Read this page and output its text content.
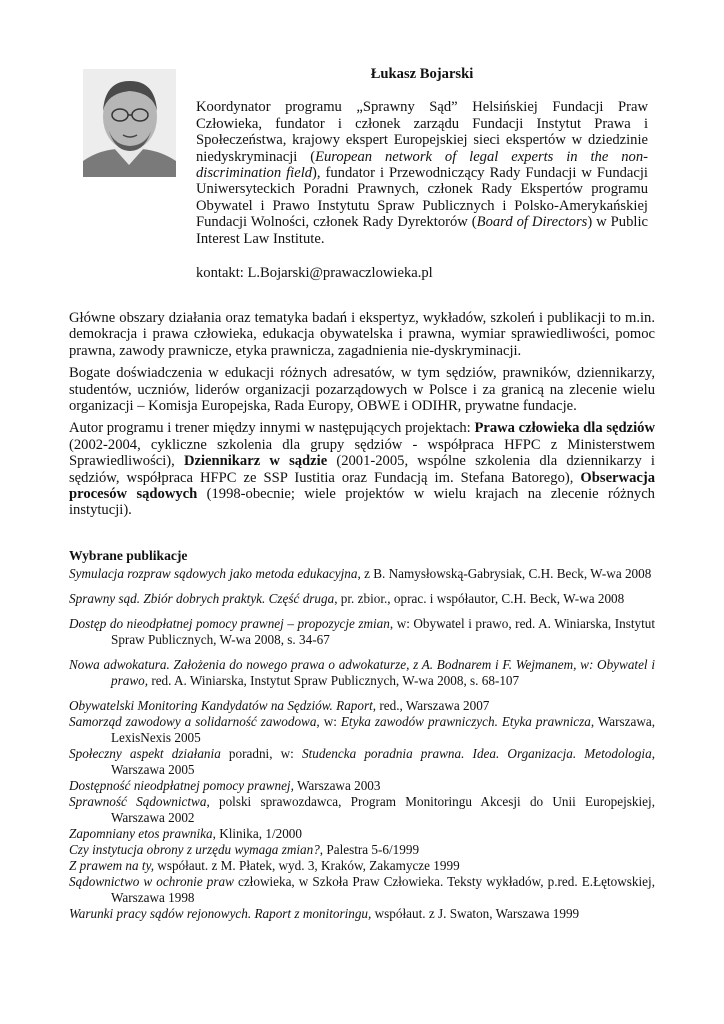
Łukasz Bojarski
Koordynator programu „Sprawny Sąd” Helsińskiej Fundacji Praw Człowieka, fundator i członek zarządu Fundacji Instytut Prawa i Społeczeństwa, krajowy ekspert Europejskiej sieci ekspertów w dziedzinie niedyskryminacji (European network of legal experts in the non-discrimination field), fundator i Przewodniczący Rady Fundacji w Fundacji Uniwersyteckich Poradni Prawnych, członek Rady Ekspertów programu Obywatel i Prawo Instytutu Spraw Publicznych i Polsko-Amerykańskiej Fundacji Wolności, członek Rady Dyrektorów (Board of Directors) w Public Interest Law Institute.
kontakt: L.Bojarski@prawaczlowieka.pl

Główne obszary działania oraz tematyka badań i ekspertyz, wykładów, szkoleń i publikacji to m.in. demokracja i prawa człowieka, edukacja obywatelska i prawna, wymiar sprawiedliwości, pomoc prawna, zawody prawnicze, etyka prawnicza, zagadnienia nie-dyskryminacji.

Bogate doświadczenia w edukacji różnych adresatów, w tym sędziów, prawników, dziennikarzy, studentów, uczniów, liderów organizacji pozarządowych w Polsce i za granicą na zlecenie wielu organizacji – Komisja Europejska, Rada Europy, OBWE i ODIHR, prywatne fundacje.

Autor programu i trener między innymi w następujących projektach: Prawa człowieka dla sędziów (2002-2004, cykliczne szkolenia dla grupy sędziów - współpraca HFPC z Ministerstwem Sprawiedliwości), Dziennikarz w sądzie (2001-2005, wspólne szkolenia dla dziennikarzy i sędziów, współpraca HFPC ze SSP Iustitia oraz Fundacją im. Stefana Batorego), Obserwacja procesów sądowych (1998-obecnie; wiele projektów w wielu krajach na zlecenie różnych instytucji).

Wybrane publikacje
Symulacja rozpraw sądowych jako metoda edukacyjna, z B. Namysłowską-Gabrysiak, C.H. Beck, W-wa 2008
Sprawny sąd. Zbiór dobrych praktyk. Część druga, pr. zbior., oprac. i współautor, C.H. Beck, W-wa 2008
Dostęp do nieodpłatnej pomocy prawnej – propozycje zmian, w: Obywatel i prawo, red. A. Winiarska, Instytut Spraw Publicznych, W-wa 2008, s. 34-67
Nowa adwokatura. Założenia do nowego prawa o adwokaturze, z A. Bodnarem i F. Wejmanem, w: Obywatel i prawo, red. A. Winiarska, Instytut Spraw Publicznych, W-wa 2008, s. 68-107
Obywatelski Monitoring Kandydatów na Sędziów. Raport, red., Warszawa 2007
Samorząd zawodowy a solidarność zawodowa, w: Etyka zawodów prawniczych. Etyka prawnicza, Warszawa, LexisNexis 2005
Społeczny aspekt działania poradni, w: Studencka poradnia prawna. Idea. Organizacja. Metodologia, Warszawa 2005
Dostępność nieodpłatnej pomocy prawnej, Warszawa 2003
Sprawność Sądownictwa, polski sprawozdawca, Program Monitoringu Akcesji do Unii Europejskiej, Warszawa 2002
Zapomniany etos prawnika, Klinika, 1/2000
Czy instytucja obrony z urzędu wymaga zmian?, Palestra 5-6/1999
Z prawem na ty, współaut. z M. Płatek, wyd. 3, Kraków, Zakamycze 1999
Sądownictwo w ochronie praw człowieka, w Szkoła Praw Człowieka. Teksty wykładów, p.red. E.Łętowskiej, Warszawa 1998
Warunki pracy sądów rejonowych. Raport z monitoringu, współaut. z J. Swaton, Warszawa 1999
